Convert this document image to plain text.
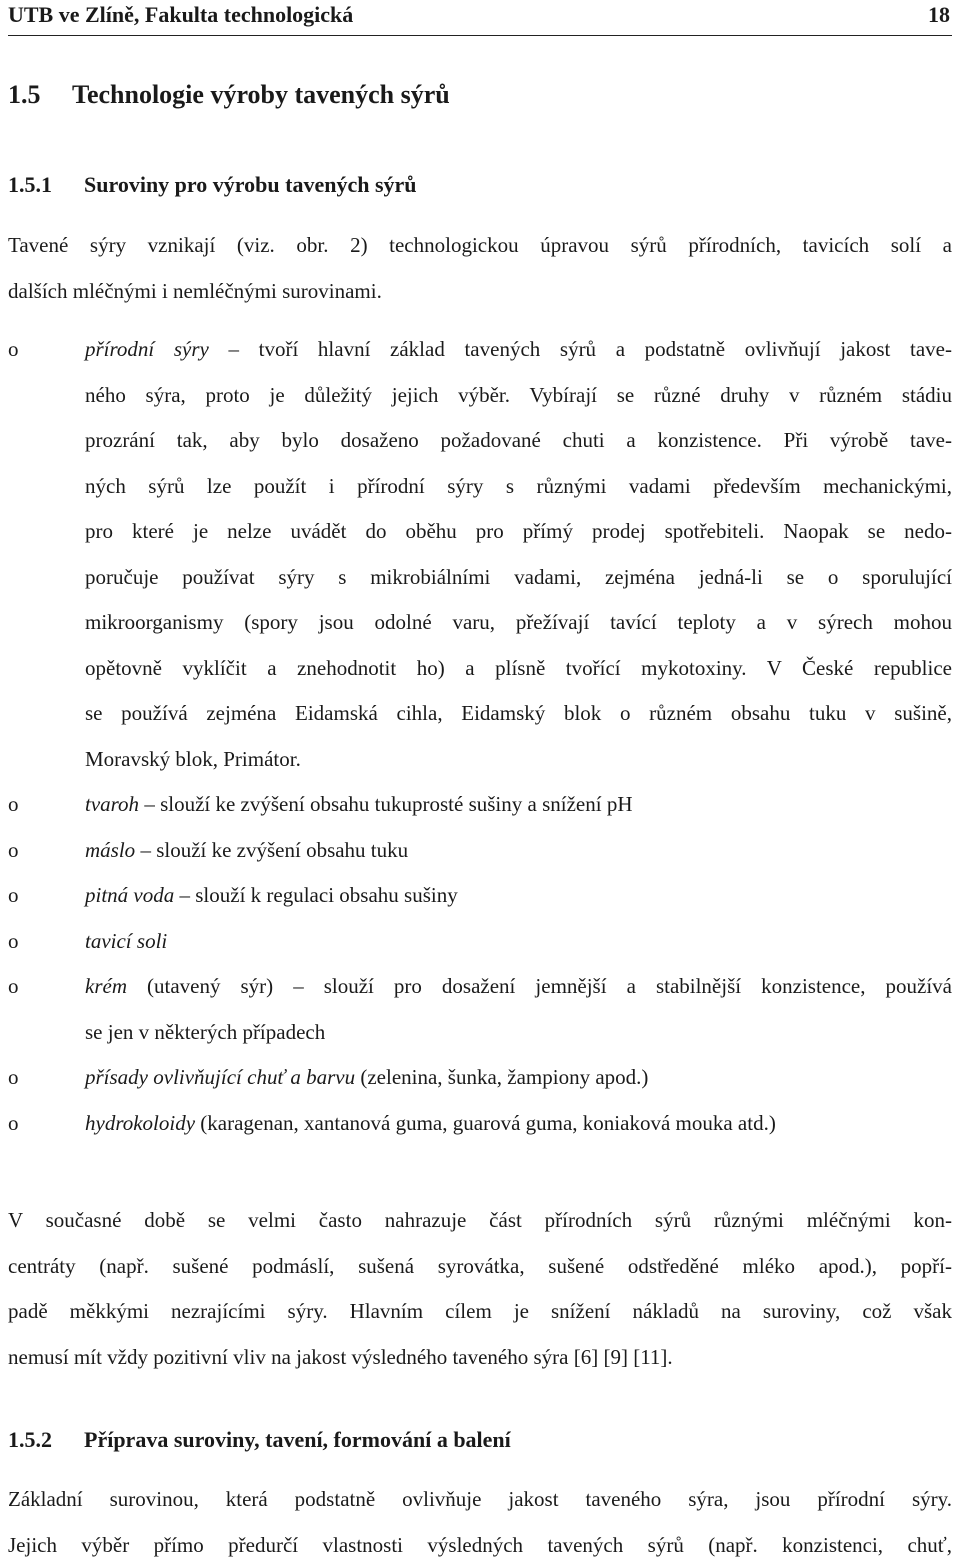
UTB ve Zlíně, Fakulta technologická	18
1.5 Technologie výroby tavených sýrů
1.5.1 Suroviny pro výrobu tavených sýrů
Tavené sýry vznikají (viz. obr. 2) technologickou úpravou sýrů přírodních, tavicích solí a
dalších mléčnými i nemléčnými surovinami.
o	přírodní sýry – tvoří hlavní základ tavených sýrů a podstatně ovlivňují jakost tave-
ného sýra, proto je důležitý jejich výběr. Vybírají se různé druhy v různém stádiu
prozrání tak, aby bylo dosaženo požadované chuti a konzistence. Při výrobě tave-
ných sýrů lze použít i přírodní sýry s různými vadami především mechanickými,
pro které je nelze uvádět do oběhu pro přímý prodej spotřebiteli. Naopak se nedo-
poručuje používat sýry s mikrobiálními vadami, zejména jedná-li se o sporulující
mikroorganismy (spory jsou odolné varu, přežívají tavící teploty a v sýrech mohou
opětovně vyklíčit a znehodnotit ho) a plísně tvořící mykotoxiny. V České republice
se používá zejména Eidamská cihla, Eidamský blok o různém obsahu tuku v sušině,
Moravský blok, Primátor.
o	tvaroh – slouží ke zvýšení obsahu tukuprosté sušiny a snížení pH
o	máslo – slouží ke zvýšení obsahu tuku
o	pitná voda – slouží k regulaci obsahu sušiny
o	tavicí soli
o	krém (utavený sýr) – slouží pro dosažení jemnější a stabilnější konzistence, používá
se jen v některých případech
o	přísady ovlivňující chuť a barvu (zelenina, šunka, žampiony apod.)
o	hydrokoloidy (karagenan, xantanová guma, guarová guma, koniaková mouka atd.)
V současné době se velmi často nahrazuje část přírodních sýrů různými mléčnými kon-
centráty (např. sušené podmáslí, sušená syrovátka, sušené odstředěné mléko apod.), popří-
padě měkkými nezrajícími sýry. Hlavním cílem je snížení nákladů na suroviny, což však
nemusí mít vždy pozitivní vliv na jakost výsledného taveného sýra [6] [9] [11].
1.5.2 Příprava suroviny, tavení, formování a balení
Základní surovinou, která podstatně ovlivňuje jakost taveného sýra, jsou přírodní sýry.
Jejich výběr přímo předurčí vlastnosti výsledných tavených sýrů (např. konzistenci, chuť,
